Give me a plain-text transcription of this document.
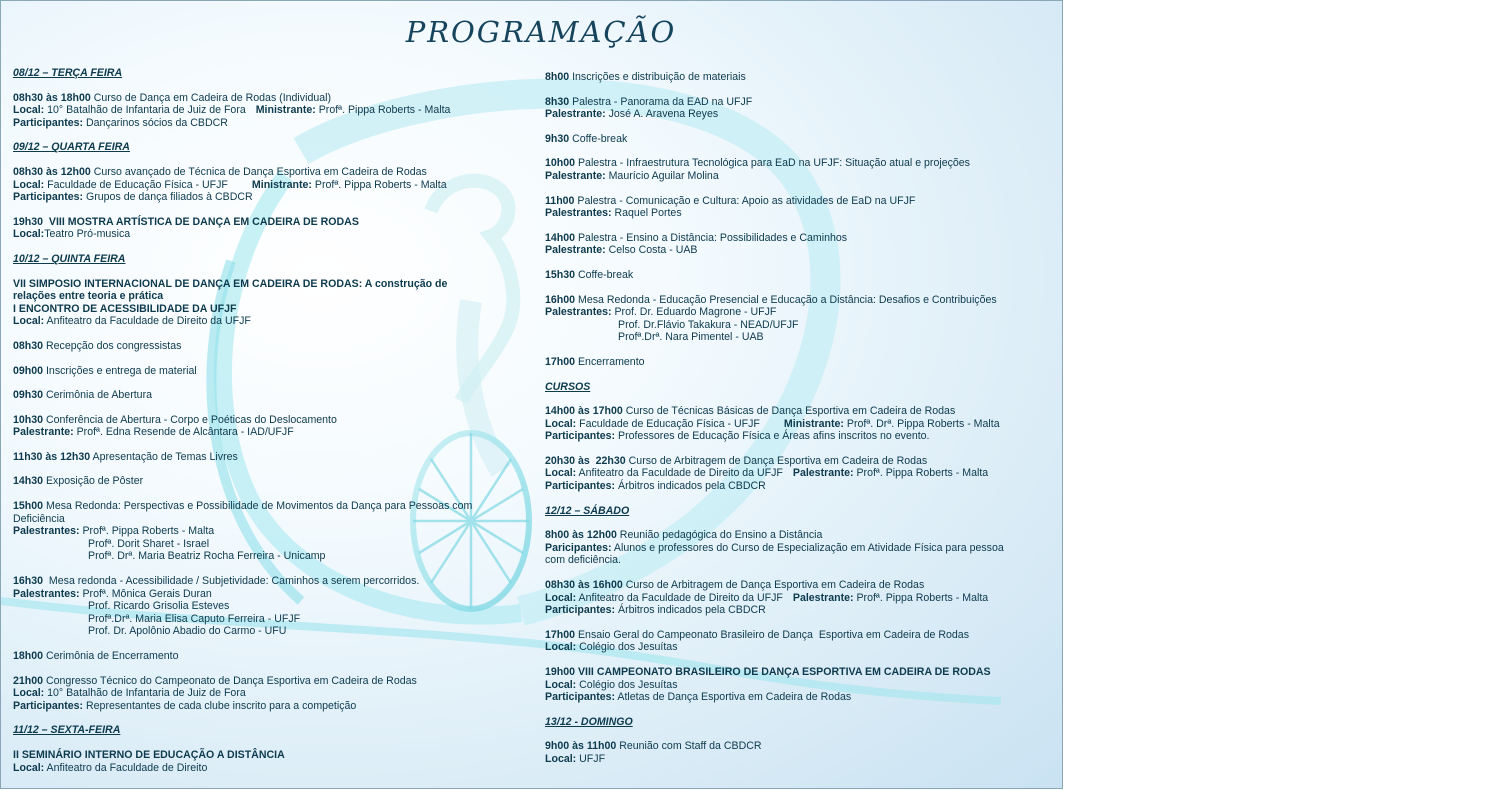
PROGRAMAÇÃO
08/12 – TERÇA FEIRA
08h30 às 18h00 Curso de Dança em Cadeira de Rodas (Individual)
Local: 10° Batalhão de Infantaria de Juiz de Fora Ministrante: Profª. Pippa Roberts - Malta
Participantes: Dançarinos sócios da CBDCR
09/12 – QUARTA FEIRA
08h30 às 12h00 Curso avançado de Técnica de Dança Esportiva em Cadeira de Rodas
Local: Faculdade de Educação Física - UFJF Ministrante: Profª. Pippa Roberts - Malta
Participantes: Grupos de dança filiados à CBDCR
19h30  VIII MOSTRA ARTÍSTICA DE DANÇA EM CADEIRA DE RODAS
Local:Teatro Pró-musica
10/12 – QUINTA FEIRA
VII SIMPOSIO INTERNACIONAL DE DANÇA EM CADEIRA DE RODAS: A construção de
relações entre teoria e prática
I ENCONTRO DE ACESSIBILIDADE DA UFJF
Local: Anfiteatro da Faculdade de Direito da UFJF
08h30 Recepção dos congressistas
09h00 Inscrições e entrega de material
09h30 Cerimônia de Abertura
10h30 Conferência de Abertura - Corpo e Poéticas do Deslocamento
Palestrante: Profª. Edna Resende de Alcântara - IAD/UFJF
11h30 às 12h30 Apresentação de Temas Livres
14h30 Exposição de Pôster
15h00 Mesa Redonda: Perspectivas e Possibilidade de Movimentos da Dança para Pessoas com
Deficiência
Palestrantes: Profª. Pippa Roberts - Malta
Profª. Dorit Sharet - Israel
Profª. Drª. Maria Beatriz Rocha Ferreira - Unicamp
16h30  Mesa redonda - Acessibilidade / Subjetividade: Caminhos a serem percorridos.
Palestrantes: Profª. Mônica Gerais Duran
Prof. Ricardo Grisolia Esteves
Profª.Drª. Maria Elisa Caputo Ferreira - UFJF
Prof. Dr. Apolônio Abadio do Carmo - UFU
18h00 Cerimônia de Encerramento
21h00 Congresso Técnico do Campeonato de Dança Esportiva em Cadeira de Rodas
Local: 10° Batalhão de Infantaria de Juiz de Fora
Participantes: Representantes de cada clube inscrito para a competição
11/12 – SEXTA-FEIRA
II SEMINÁRIO INTERNO DE EDUCAÇÃO A DISTÂNCIA
Local: Anfiteatro da Faculdade de Direito
8h00 Inscrições e distribuição de materiais
8h30 Palestra - Panorama da EAD na UFJF
Palestrante: José A. Aravena Reyes
9h30 Coffe-break
10h00 Palestra - Infraestrutura Tecnológica para EaD na UFJF: Situação atual e projeções
Palestrante: Maurício Aguilar Molina
11h00 Palestra - Comunicação e Cultura: Apoio as atividades de EaD na UFJF
Palestrantes: Raquel Portes
14h00 Palestra - Ensino a Distância: Possibilidades e Caminhos
Palestrante: Celso Costa - UAB
15h30 Coffe-break
16h00 Mesa Redonda - Educação Presencial e Educação a Distância: Desafios e Contribuições
Palestrantes: Prof. Dr. Eduardo Magrone - UFJF
Prof. Dr.Flávio Takakura - NEAD/UFJF
Profª.Drª. Nara Pimentel - UAB
17h00 Encerramento
CURSOS
14h00 às 17h00 Curso de Técnicas Básicas de Dança Esportiva em Cadeira de Rodas
Local: Faculdade de Educação Física - UFJF Ministrante: Profª. Drª. Pippa Roberts - Malta
Participantes: Professores de Educação Física e Áreas afins inscritos no evento.
20h30 às  22h30 Curso de Arbitragem de Dança Esportiva em Cadeira de Rodas
Local: Anfiteatro da Faculdade de Direito da UFJF Palestrante: Profª. Pippa Roberts - Malta
Participantes: Árbitros indicados pela CBDCR
12/12 – SÁBADO
8h00 às 12h00 Reunião pedagógica do Ensino a Distância
Paricipantes: Alunos e professores do Curso de Especialização em Atividade Física para pessoa
com deficiência.
08h30 às 16h00 Curso de Arbitragem de Dança Esportiva em Cadeira de Rodas
Local: Anfiteatro da Faculdade de Direito da UFJF Palestrante: Profª. Pippa Roberts - Malta
Participantes: Árbitros indicados pela CBDCR
17h00 Ensaio Geral do Campeonato Brasileiro de Dança  Esportiva em Cadeira de Rodas
Local: Colégio dos Jesuítas
19h00 VIII CAMPEONATO BRASILEIRO DE DANÇA ESPORTIVA EM CADEIRA DE RODAS
Local: Colégio dos Jesuítas
Participantes: Atletas de Dança Esportiva em Cadeira de Rodas
13/12 - DOMINGO
9h00 às 11h00 Reunião com Staff da CBDCR
Local: UFJF
